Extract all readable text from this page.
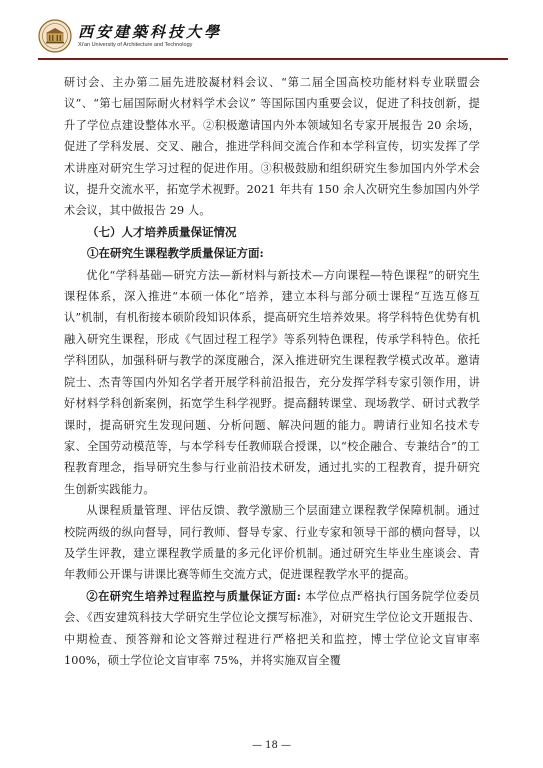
西安建築科技大學
Xi'an University of Architecture and Technology

研讨会、主办第二届先进胶凝材料会议、“第二届全国高校功能材料专业联盟会议”、“第七届国际耐火材料学术会议” 等国际国内重要会议，促进了科技创新，提升了学位点建设整体水平。②积极邀请国内外本领域知名专家开展报告 20 余场，促进了学科发展、交叉、融合，推进学科间交流合作和本学科宣传，切实发挥了学术讲座对研究生学习过程的促进作用。③积极鼓励和组织研究生参加国内外学术会议，提升交流水平，拓宽学术视野。2021 年共有 150 余人次研究生参加国内外学术会议，其中做报告 29 人。

（七）人才培养质量保证情况
①在研究生课程教学质量保证方面:

优化“学科基础—研究方法—新材料与新技术—方向课程—特色课程”的研究生课程体系，深入推进“本硕一体化”培养，建立本科与部分硕士课程“互选互修互认”机制，有机衔接本硕阶段知识体系，提高研究生培养效果。将学科特色优势有机融入研究生课程，形成《气固过程工程学》等系列特色课程，传承学科特色。依托学科团队，加强科研与教学的深度融合，深入推进研究生课程教学模式改革。邀请院士、杰青等国内外知名学者开展学科前沿报告，充分发挥学科专家引领作用，讲好材料学科创新案例，拓宽学生科学视野。提高翻转课堂、现场教学、研讨式教学课时，提高研究生发现问题、分析问题、解决问题的能力。聘请行业知名技术专家、全国劳动模范等，与本学科专任教师联合授课，以“校企融合、专兼结合”的工程教育理念，指导研究生参与行业前沿技术研发，通过扎实的工程教育，提升研究生创新实践能力。

从课程质量管理、评估反馈、教学激励三个层面建立课程教学保障机制。通过校院两级的纵向督导，同行教师、督导专家、行业专家和领导干部的横向督导，以及学生评教，建立课程教学质量的多元化评价机制。通过研究生毕业生座谈会、青年教师公开课与讲课比赛等师生交流方式，促进课程教学水平的提高。

②在研究生培养过程监控与质量保证方面: 本学位点严格执行国务院学位委员会、《西安建筑科技大学研究生学位论文撰写标准》，对研究生学位论文开题报告、中期检查、预答辩和论文答辩过程进行严格把关和监控，博士学位论文盲审率 100%，硕士学位论文盲审率 75%，并将实施双盲全覆

— 18 —
